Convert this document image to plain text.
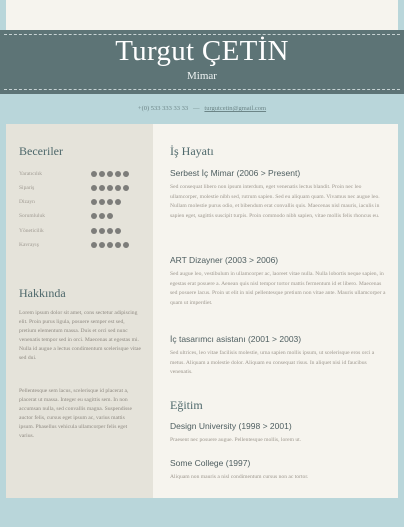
Turgut ÇETİN
Mimar
+(0) 533 333 33 33 — turgutcetin@gmail.com
Beceriler
Yaratıcılık
Sipariş
Dizayn
Sorumluluk
Yöneticilik
Kavrayış
Hakkında
Lorem ipsum dolor sit amet, cons sectetur adipiscing elit. Proin purus ligula, posuere semper est sed, pretium elementum massa. Duis et orci sed nunc venenatis tempor sed in orci. Maecenas at egestas mi. Nulla id augue a lectus condimentum scelerisque vitae sed dui.
Pellentesque sem lacus, scelerisque id placerat a, placerat ut massa. Integer eu sagittis sem. In non accumsan nulla, sed convallis magna. Suspendisse auctor felis, cursus eget ipsum ac, varius mattis ipsum. Phasellus vehicula ullamcorper felis eget varius.
İş Hayatı
Serbest İç Mimar (2006 > Present)
Sed consequat libero non ipsum interdum, eget venenatis lectus blandit. Proin nec leo ullamcorper, molestie nibh sed, rutrum sapien. Sed eu aliquam quam. Vivamus nec augue leo. Nullam molestie purus odio, et bibendum erat convallis quis. Maecenas nisl mauris, iaculis in sapien eget, sagittis suscipit turpis. Proin commodo nibh sapien, vitae mollis felis rhoncus eu.
ART Dizayner (2003 > 2006)
Sed augue leo, vestibulum in ullamcorper ac, laoreet vitae nulla. Nulla lobortis neque sapien, in egestas erat posuere a. Aenean quis nisl tempor tortor mattis fermentum id et libero. Maecenas sed posuere lacus. Proin ut elit in nisl pellentesque pretium non vitae ante. Mauris ullamcorper a quam ut imperdiet.
İç tasarımcı asistanı (2001 > 2003)
Sed ultrices, leo vitae facilisis molestie, urna sapien mollis ipsum, ut scelerisque eros orci a metus. Aliquam a molestie dolor. Aliquam eu consequat risus. In aliquet nisi id faucibus venenatis.
Eğitim
Design University (1998 > 2001)
Praesent nec posuere augue. Pellentesque mollis, lorem ut.
Some College (1997)
Aliquam non mauris a nisl condimentum cursus non ac tortor.
